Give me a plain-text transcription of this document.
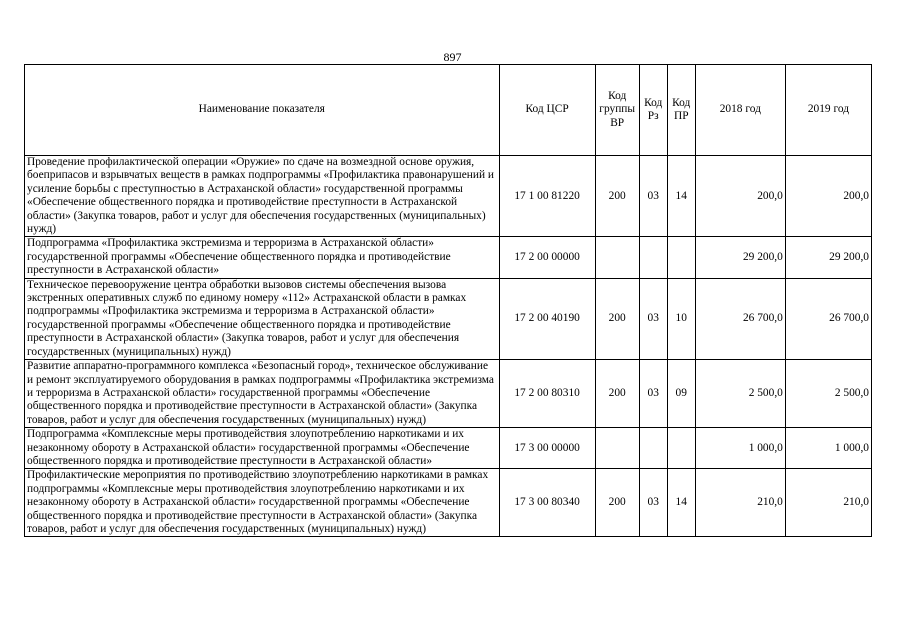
897
Наименование показателя	Код ЦСР	Код группы ВР	Код Рз	Код ПР	2018 год	2019 год
Проведение профилактической операции «Оружие» по сдаче на возмездной основе оружия, боеприпасов и взрывчатых веществ в рамках подпрограммы «Профилактика правонарушений и усиление борьбы с преступностью в Астраханской области» государственной программы «Обеспечение общественного порядка и противодействие преступности в Астраханской области» (Закупка товаров, работ и услуг для обеспечения государственных (муниципальных) нужд)	17 1 00 81220	200	03	14	200,0	200,0
Подпрограмма «Профилактика экстремизма и терроризма в Астраханской области» государственной программы «Обеспечение общественного порядка и противодействие преступности в Астраханской области»	17 2 00 00000				29 200,0	29 200,0
Техническое перевооружение центра обработки вызовов системы обеспечения вызова экстренных оперативных служб по единому номеру «112» Астраханской области в рамках подпрограммы «Профилактика экстремизма и терроризма в Астраханской области» государственной программы «Обеспечение общественного порядка и противодействие преступности в Астраханской области» (Закупка товаров, работ и услуг для обеспечения государственных (муниципальных) нужд)	17 2 00 40190	200	03	10	26 700,0	26 700,0
Развитие аппаратно-программного комплекса «Безопасный город», техническое обслуживание и ремонт эксплуатируемого оборудования в рамках подпрограммы «Профилактика экстремизма и терроризма в Астраханской области» государственной программы «Обеспечение общественного порядка и противодействие преступности в Астраханской области» (Закупка товаров, работ и услуг для обеспечения государственных (муниципальных) нужд)	17 2 00 80310	200	03	09	2 500,0	2 500,0
Подпрограмма «Комплексные меры противодействия злоупотреблению наркотиками и их незаконному обороту в Астраханской области» государственной программы «Обеспечение общественного порядка и противодействие преступности в Астраханской области»	17 3 00 00000				1 000,0	1 000,0
Профилактические мероприятия по противодействию злоупотреблению наркотиками в рамках подпрограммы «Комплексные меры противодействия злоупотреблению наркотиками и их незаконному обороту в Астраханской области» государственной программы «Обеспечение общественного порядка и противодействие преступности в Астраханской области» (Закупка товаров, работ и услуг для обеспечения государственных (муниципальных) нужд)	17 3 00 80340	200	03	14	210,0	210,0
